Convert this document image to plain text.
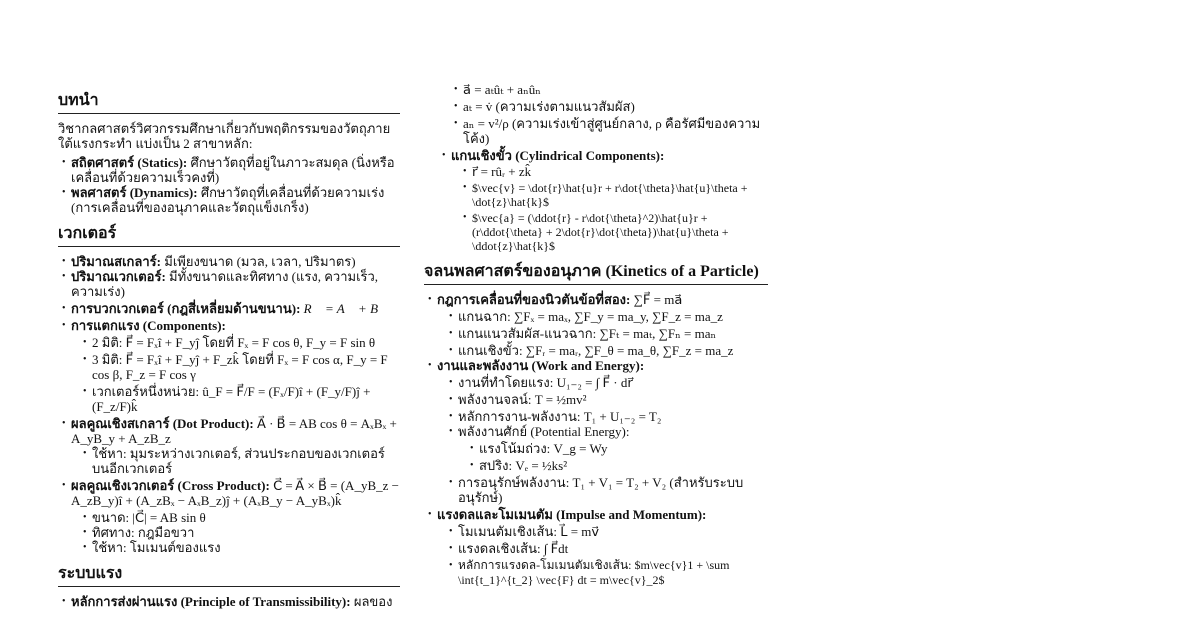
บทนำ

วิชากลศาสตร์วิศวกรรมศึกษาเกี่ยวกับพฤติกรรมของวัตถุภายใต้แรงกระทำ แบ่งเป็น 2 สาขาหลัก:

• สถิตศาสตร์ (Statics): ศึกษาวัตถุที่อยู่ในภาวะสมดุล (นิ่งหรือเคลื่อนที่ด้วยความเร็วคงที่)
• พลศาสตร์ (Dynamics): ศึกษาวัตถุที่เคลื่อนที่ด้วยความเร่ง (การเคลื่อนที่ของอนุภาคและวัตถุแข็งเกร็ง)
เวกเตอร์
• ปริมาณสเกลาร์: มีเพียงขนาด (มวล, เวลา, ปริมาตร)
• ปริมาณเวกเตอร์: มีทั้งขนาดและทิศทาง (แรง, ความเร็ว, ความเร่ง)
• การบวกเวกเตอร์ (กฎสี่เหลี่ยมด้านขนาน): R⃗ = A⃗ + B⃗
• การแตกแรง (Components):
• 2 มิติ: F⃗ = Fₓî + F_yĵ โดยที่ Fₓ = F cos θ, F_y = F sin θ
• 3 มิติ: F⃗ = Fₓî + F_yĵ + F_zk̂ โดยที่ Fₓ = F cos α, F_y = F cos β, F_z = F cos γ
• เวกเตอร์หนึ่งหน่วย: û_F = F⃗/F = (Fₓ/F)î + (F_y/F)ĵ + (F_z/F)k̂
• ผลคูณเชิงสเกลาร์ (Dot Product): A⃗ · B⃗ = AB cos θ = AₓBₓ + A_yB_y + A_zB_z
• ใช้หา: มุมระหว่างเวกเตอร์, ส่วนประกอบของเวกเตอร์บนอีกเวกเตอร์
• ผลคูณเชิงเวกเตอร์ (Cross Product): C⃗ = A⃗ × B⃗ = (A_yB_z − A_zB_y)î + (A_zBₓ − AₓB_z)ĵ + (AₓB_y − A_yBₓ)k̂
• ขนาด: |C⃗| = AB sin θ
• ทิศทาง: กฎมือขวา
• ใช้หา: โมเมนต์ของแรง
ระบบแรง
• หลักการส่งผ่านแรง (Principle of Transmissibility): ผลของ
• a⃗ = aₜûₜ + aₙûₙ
• aₜ = v̇ (ความเร่งตามแนวสัมผัส)
• aₙ = v²/ρ (ความเร่งเข้าสู่ศูนย์กลาง, ρ คือรัศมีของความโค้ง)
• แกนเชิงขั้ว (Cylindrical Components):
• r⃗ = rûᵣ + zk̂
• $\vec{v} = \dot{r}\hat{u}r + r\dot{\theta}\hat{u}\theta + \dot{z}\hat{k}$
• $\vec{a} = (\ddot{r} - r\dot{\theta}^2)\hat{u}r + (r\ddot{\theta} + 2\dot{r}\dot{\theta})\hat{u}\theta + \ddot{z}\hat{k}$
จลนพลศาสตร์ของอนุภาค (Kinetics of a Particle)
• กฎการเคลื่อนที่ของนิวตันข้อที่สอง: ∑F⃗ = ma⃗
• แกนฉาก: ∑Fₓ = maₓ, ∑F_y = ma_y, ∑F_z = ma_z
• แกนแนวสัมผัส-แนวฉาก: ∑Fₜ = maₜ, ∑Fₙ = maₙ
• แกนเชิงขั้ว: ∑Fᵣ = maᵣ, ∑F_θ = ma_θ, ∑F_z = ma_z
• งานและพลังงาน (Work and Energy):
• งานที่ทำโดยแรง: U₁₋₂ = ∫ F⃗ · dr⃗
• พลังงานจลน์: T = ½mv²
• หลักการงาน-พลังงาน: T₁ + U₁₋₂ = T₂
• พลังงานศักย์ (Potential Energy):
• แรงโน้มถ่วง: V_g = Wy
• สปริง: Vₑ = ½ks²
• การอนุรักษ์พลังงาน: T₁ + V₁ = T₂ + V₂ (สำหรับระบบอนุรักษ์)
• แรงดลและโมเมนตัม (Impulse and Momentum):
• โมเมนตัมเชิงเส้น: L⃗ = mv⃗
• แรงดลเชิงเส้น: ∫ F⃗dt
• หลักการแรงดล-โมเมนตัมเชิงเส้น: $m\vec{v}1 + \sum \int{t_1}^{t_2} \vec{F} dt = m\vec{v}_2$
